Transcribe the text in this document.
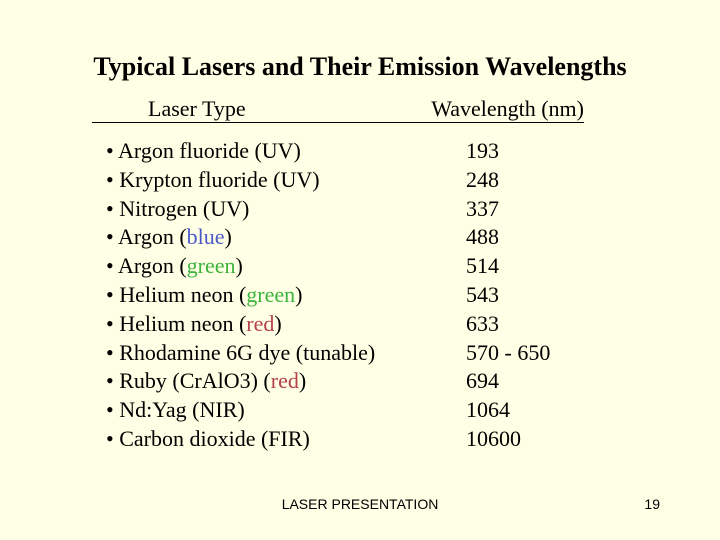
Typical Lasers and Their Emission Wavelengths
Laser Type	Wavelength (nm)
• Argon fluoride (UV)	193
• Krypton fluoride (UV)	248
• Nitrogen (UV)	337
• Argon (blue)	488
• Argon (green)	514
• Helium neon (green)	543
• Helium neon (red)	633
• Rhodamine 6G dye (tunable)	570 - 650
• Ruby (CrAlO3) (red)	694
• Nd:Yag (NIR)	1064
• Carbon dioxide (FIR)	10600
LASER PRESENTATION	19
